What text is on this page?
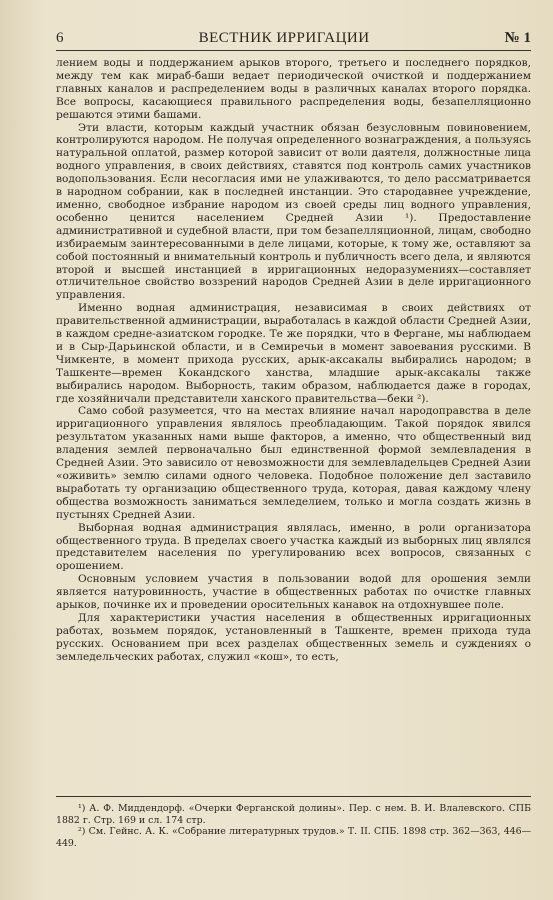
6	ВЕСТНИК ИРРИГАЦИИ	№ 1

лением воды и поддержанием арыков второго, третьего и последнего порядков, между тем как мираб-баши ведает периодической очисткой и поддержанием главных каналов и распределением воды в различных каналах второго порядка. Все вопросы, касающиеся правильного распределения воды, безапелляционно решаются этими башами.

Эти власти, которым каждый участник обязан безусловным повиновением, контролируются народом. Не получая определенного вознаграждения, а пользуясь натуральной оплатой, размер которой зависит от воли даятеля, должностные лица водного управления, в своих действиях, ставятся под контроль самих участников водопользования. Если несогласия ими не улаживаются, то дело рассматривается в народном собрании, как в последней инстанции. Это стародавнее учреждение, именно, свободное избрание народом из своей среды лиц водного управления, особенно ценится населением Средней Азии ¹). Предоставление административной и судебной власти, при том безапелляционной, лицам, свободно избираемым заинтересованными в деле лицами, которые, к тому же, оставляют за собой постоянный и внимательный контроль и публичность всего дела, и являются второй и высшей инстанцией в ирригационных недоразумениях—составляет отличительное свойство воззрений народов Средней Азии в деле ирригационного управления.

Именно водная администрация, независимая в своих действиях от правительственной администрации, выработалась в каждой области Средней Азии, в каждом средне-азиатском городке. Те же порядки, что в Фергане, мы наблюдаем и в Сыр-Дарьинской области, и в Семиречьи в момент завоевания русскими. В Чимкенте, в момент прихода русских, арык-аксакалы выбирались народом; в Ташкенте—времен Кокандского ханства, младшие арык-аксакалы также выбирались народом. Выборность, таким образом, наблюдается даже в городах, где хозяйничали представители ханского правительства—беки ²).

Само собой разумеется, что на местах влияние начал народоправства в деле ирригационного управления являлось преобладающим. Такой порядок явился результатом указанных нами выше факторов, а именно, что общественный вид владения землей первоначально был единственной формой землевладения в Средней Азии. Это зависило от невозможности для землевладельцев Средней Азии «оживить» землю силами одного человека. Подобное положение дел заставило выработать ту организацию общественного труда, которая, давая каждому члену общества возможность заниматься земледелием, только и могла создать жизнь в пустынях Средней Азии.

Выборная водная администрация являлась, именно, в роли организатора общественного труда. В пределах своего участка каждый из выборных лиц являлся представителем населения по урегулированию всех вопросов, связанных с орошением.

Основным условием участия в пользовании водой для орошения земли является натуровинность, участие в общественных работах по очистке главных арыков, починке их и проведении оросительных канавок на отдохнувшее поле.

Для характеристики участия населения в общественных ирригационных работах, возьмем порядок, установленный в Ташкенте, времен прихода туда русских. Основанием при всех разделах общественных земель и суждениях о земледельческих работах, служил «кош», то есть,

¹) А. Ф. Миддендорф. «Очерки Ферганской долины». Пер. с нем. В. И. Влалевского. СПБ 1882 г. Стр. 169 и сл. 174 стр.

²) См. Гейнс. А. К. «Собрание литературных трудов.» Т. II. СПБ. 1898 стр. 362—363, 446—449.
